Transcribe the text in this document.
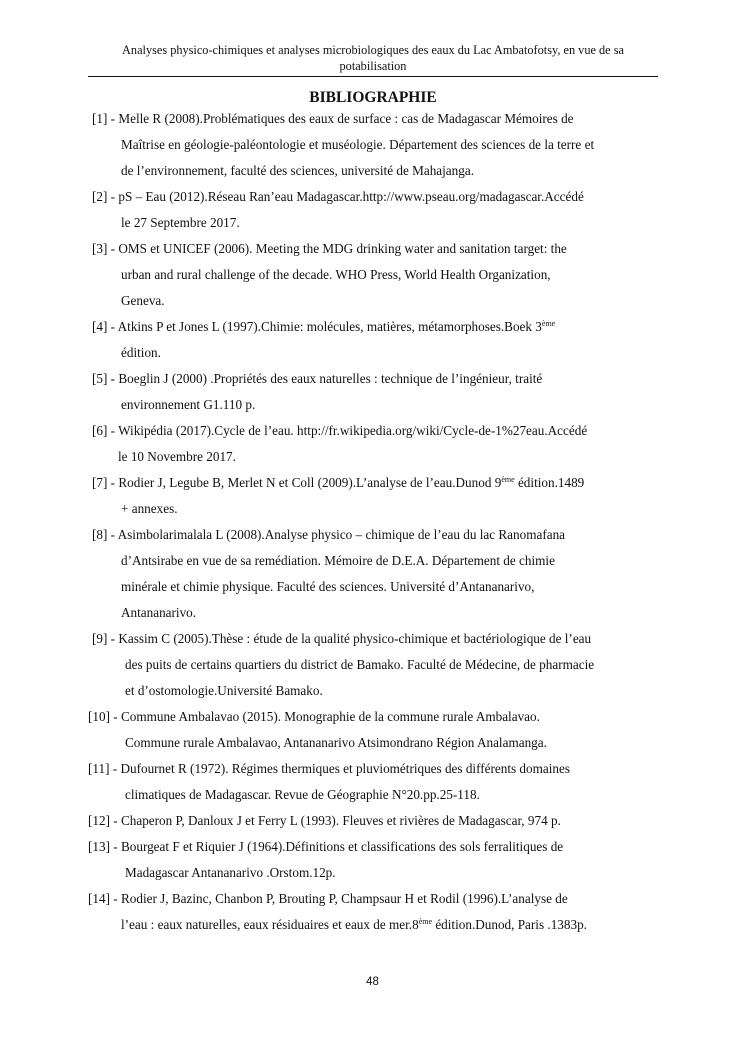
Analyses physico-chimiques et analyses microbiologiques des eaux du Lac Ambatofotsy, en vue de sa
potabilisation
BIBLIOGRAPHIE
[1] - Melle R (2008).Problématiques des eaux de surface : cas de Madagascar Mémoires de
Maîtrise en géologie-paléontologie et muséologie. Département des sciences de la terre et
de l’environnement, faculté des sciences, université de Mahajanga.
[2] - pS – Eau (2012).Réseau Ran’eau Madagascar.http://www.pseau.org/madagascar.Accédé
le 27 Septembre 2017.
[3] - OMS et UNICEF (2006). Meeting the MDG drinking water and sanitation target: the
urban and rural challenge of the decade. WHO Press, World Health Organization,
Geneva.
[4] - Atkins P et Jones L (1997).Chimie: molécules, matières, métamorphoses.Boek 3ème
édition.
[5] - Boeglin J (2000) .Propriétés des eaux naturelles : technique de l’ingénieur, traité
environnement G1.110 p.
[6] - Wikipédia (2017).Cycle de l’eau. http://fr.wikipedia.org/wiki/Cycle-de-1%27eau.Accédé
le 10 Novembre 2017.
[7] - Rodier J, Legube B, Merlet N et Coll (2009).L’analyse de l’eau.Dunod 9ème édition.1489
+ annexes.
[8] - Asimbolarimalala L (2008).Analyse physico – chimique de l’eau du lac Ranomafana
d’Antsirabe en vue de sa remédiation. Mémoire de D.E.A. Département de chimie
minérale et chimie physique. Faculté des sciences. Université d’Antananarivo,
Antananarivo.
[9] - Kassim C (2005).Thèse : étude de la qualité physico-chimique et bactériologique de l’eau
des puits de certains quartiers du district de Bamako. Faculté de Médecine, de pharmacie
et d’ostomologie.Université Bamako.
[10] - Commune Ambalavao (2015). Monographie de la commune rurale Ambalavao.
Commune rurale Ambalavao, Antananarivo Atsimondrano Région Analamanga.
[11] - Dufournet R (1972). Régimes thermiques et pluviométriques des différents domaines
climatiques de Madagascar. Revue de Géographie N°20.pp.25-118.
[12] - Chaperon P, Danloux J et Ferry L (1993). Fleuves et rivières de Madagascar, 974 p.
[13] - Bourgeat F et Riquier J (1964).Définitions et classifications des sols ferralitiques de
Madagascar Antananarivo .Orstom.12p.
[14] - Rodier J, Bazinc, Chanbon P, Brouting P, Champsaur H et Rodil (1996).L’analyse de
l’eau : eaux naturelles, eaux résiduaires et eaux de mer.8ème édition.Dunod, Paris .1383p.
48
